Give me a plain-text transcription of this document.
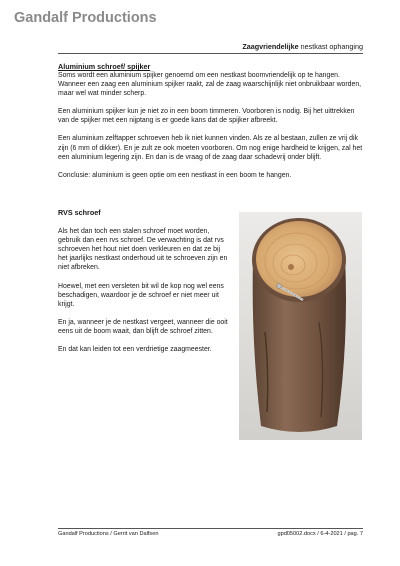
Gandalf Productions
Zaagvriendelijke nestkast ophanging
Aluminium schroef/ spijker

Soms wordt een aluminium spijker genoemd om een nestkast boomvriendelijk op te hangen. Wanneer een zaag een aluminium spijker raakt, zal de zaag waarschijnlijk niet onbruikbaar worden, maar wel wat minder scherp.

Een aluminium spijker kun je niet zo in een boom timmeren. Voorboren is nodig. Bij het uittrekken van de spijker met een nijptang is er goede kans dat de spijker afbreekt.

Een aluminium zelftapper schroeven heb ik niet kunnen vinden. Als ze al bestaan, zullen ze vrij dik zijn (6 mm of dikker). En je zult ze ook moeten voorboren. Om nog enige hardheid te krijgen, zal het een aluminium legering zijn. En dan is de vraag of de zaag daar schadevrij onder blijft.

Conclusie: aluminium is geen optie om een nestkast in een boom te hangen.

RVS schroef

Als het dan toch een stalen schroef moet worden, gebruik dan een rvs schroef. De verwachting is dat rvs schroeven het hout niet doen verkleuren en dat ze bij het jaarlijks nestkast onderhoud uit te schroeven zijn en niet afbreken.

Hoewel, met een versleten bit wil de kop nog wel eens beschadigen, waardoor je de schroef er niet meer uit krijgt.

En ja, wanneer je de nestkast vergeet, wanneer die ooit eens uit de boom waait, dan blijft de schroef zitten.

En dat kan leiden tot een verdrietige zaagmeester.

Gandalf Productions / Gerrit van Dalfsen	gpd05002.docx / 6-4-2021 / pag. 7
